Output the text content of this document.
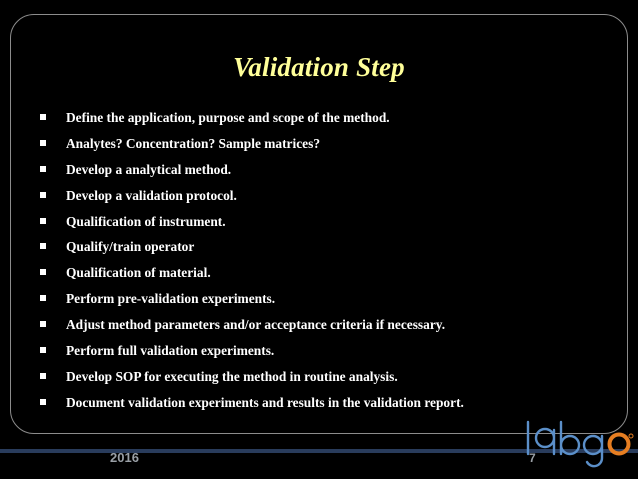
Validation Step
Define the application, purpose and scope of the method.
Analytes? Concentration? Sample matrices?
Develop a analytical method.
Develop a validation protocol.
Qualification of instrument.
Qualify/train operator
Qualification of material.
Perform pre-validation experiments.
Adjust method parameters and/or acceptance criteria if necessary.
Perform full validation experiments.
Develop SOP for executing the method in routine analysis.
Document validation experiments and results in the validation report.
2016	7
